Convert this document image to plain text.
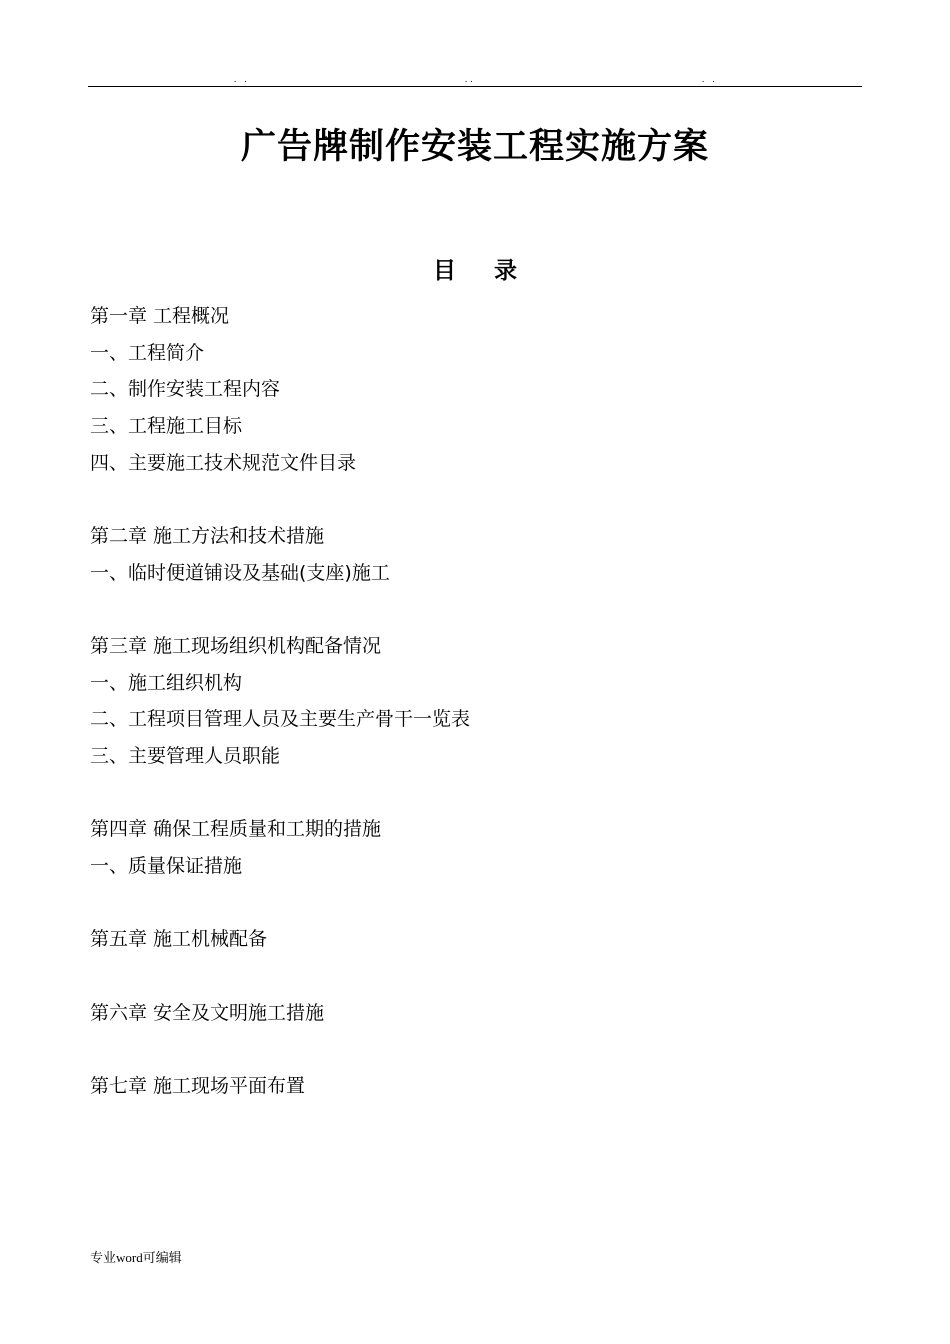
. .	..	. .
广告牌制作安装工程实施方案
目 录
第一章 工程概况
一、工程简介
二、制作安装工程内容
三、工程施工目标
四、主要施工技术规范文件目录
第二章 施工方法和技术措施
一、临时便道铺设及基础(支座)施工
第三章 施工现场组织机构配备情况
一、施工组织机构
二、工程项目管理人员及主要生产骨干一览表
三、主要管理人员职能
第四章 确保工程质量和工期的措施
一、质量保证措施
第五章 施工机械配备
第六章 安全及文明施工措施
第七章 施工现场平面布置
专业word可编辑
